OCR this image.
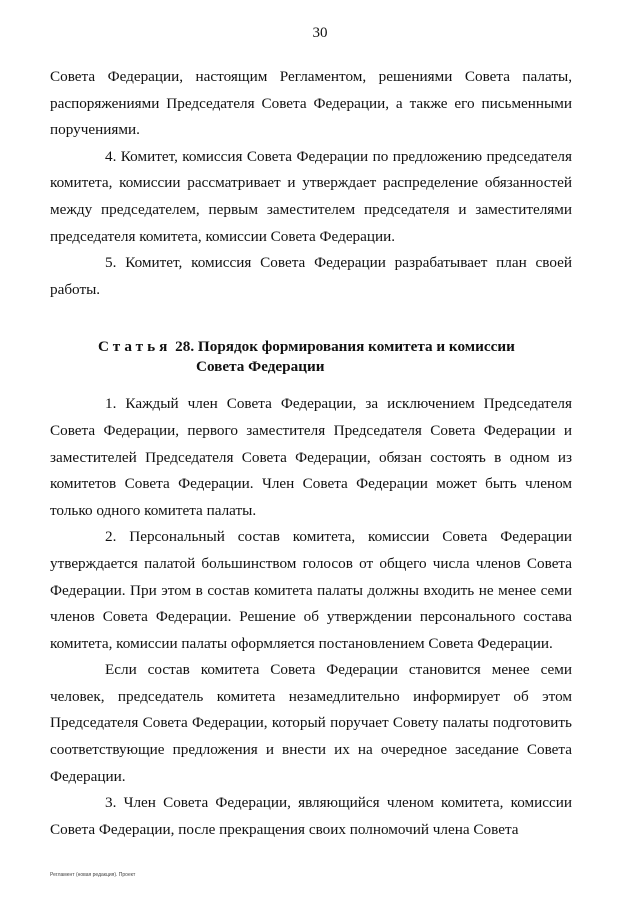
30

Совета Федерации, настоящим Регламентом, решениями Совета палаты, распоряжениями Председателя Совета Федерации, а также его письменными поручениями.

4. Комитет, комиссия Совета Федерации по предложению председателя комитета, комиссии рассматривает и утверждает распределение обязанностей между председателем, первым заместителем председателя и заместителями председателя комитета, комиссии Совета Федерации.

5. Комитет, комиссия Совета Федерации разрабатывает план своей работы.

Статья 28. Порядок формирования комитета и комиссии
Совета Федерации

1. Каждый член Совета Федерации, за исключением Председателя Совета Федерации, первого заместителя Председателя Совета Федерации и заместителей Председателя Совета Федерации, обязан состоять в одном из комитетов Совета Федерации. Член Совета Федерации может быть членом только одного комитета палаты.

2. Персональный состав комитета, комиссии Совета Федерации утверждается палатой большинством голосов от общего числа членов Совета Федерации. При этом в состав комитета палаты должны входить не менее семи членов Совета Федерации. Решение об утверждении персонального состава комитета, комиссии палаты оформляется постановлением Совета Федерации.

Если состав комитета Совета Федерации становится менее семи человек, председатель комитета незамедлительно информирует об этом Председателя Совета Федерации, который поручает Совету палаты подготовить соответствующие предложения и внести их на очередное заседание Совета Федерации.

3. Член Совета Федерации, являющийся членом комитета, комиссии Совета Федерации, после прекращения своих полномочий члена Совета

Регламент (новая редакция). Проект
